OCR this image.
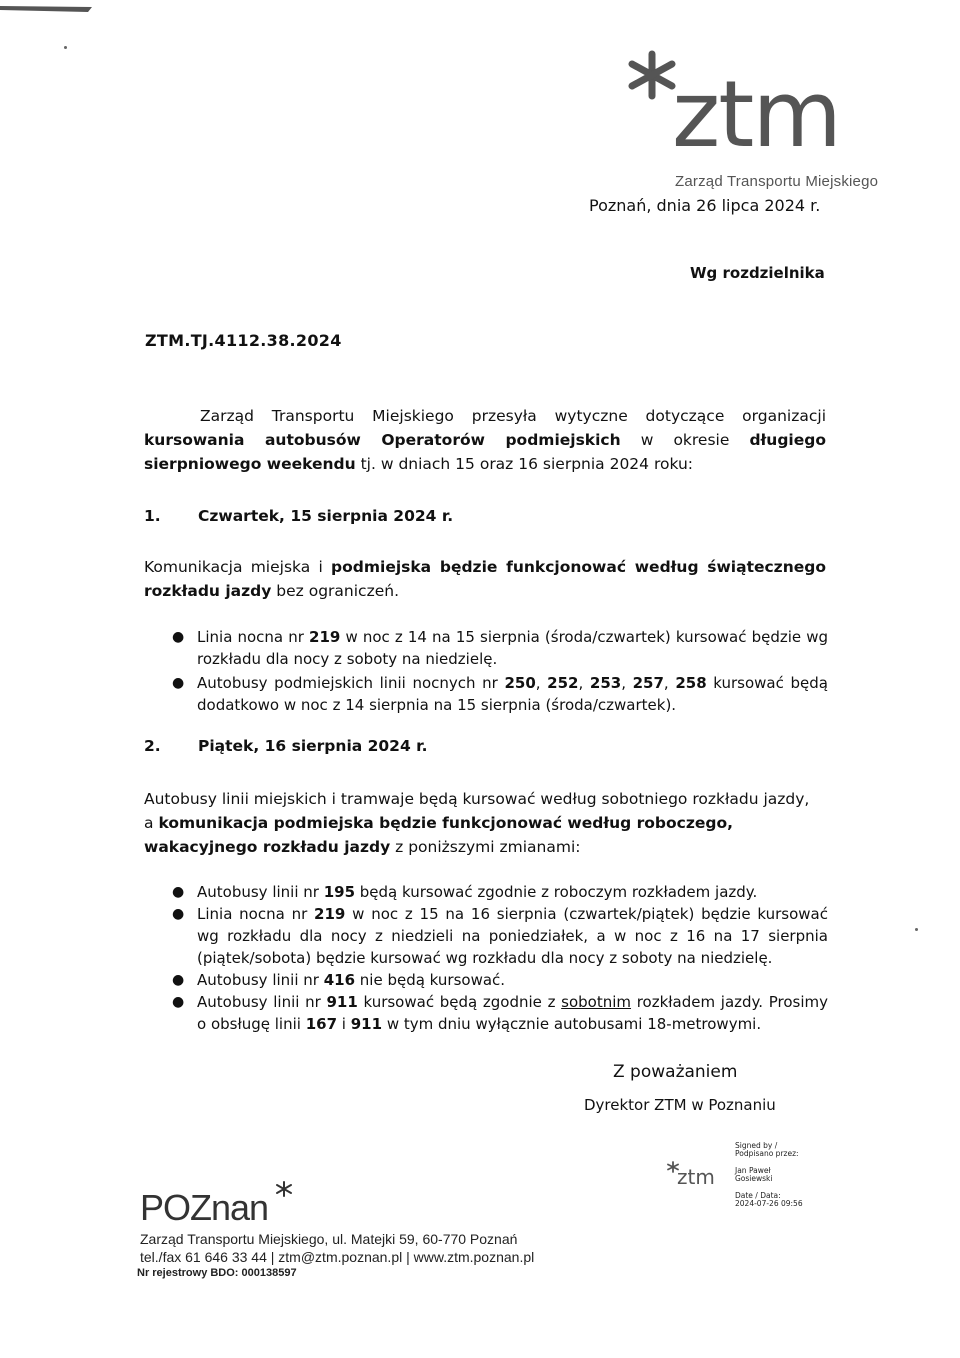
ztm
Zarząd Transportu Miejskiego
Poznań, dnia 26 lipca 2024 r.
Wg rozdzielnika
ZTM.TJ.4112.38.2024
Zarząd Transportu Miejskiego przesyła wytyczne dotyczące organizacji kursowania autobusów Operatorów podmiejskich w okresie długiego sierpniowego weekendu tj. w dniach 15 oraz 16 sierpnia 2024 roku:
1. Czwartek, 15 sierpnia 2024 r.
Komunikacja miejska i podmiejska będzie funkcjonować według świątecznego rozkładu jazdy bez ograniczeń.
● Linia nocna nr 219 w noc z 14 na 15 sierpnia (środa/czwartek) kursować będzie wg rozkładu dla nocy z soboty na niedzielę.
● Autobusy podmiejskich linii nocnych nr 250, 252, 253, 257, 258 kursować będą dodatkowo w noc z 14 sierpnia na 15 sierpnia (środa/czwartek).
2. Piątek, 16 sierpnia 2024 r.
Autobusy linii miejskich i tramwaje będą kursować według sobotniego rozkładu jazdy, a komunikacja podmiejska będzie funkcjonować według roboczego, wakacyjnego rozkładu jazdy z poniższymi zmianami:
● Autobusy linii nr 195 będą kursować zgodnie z roboczym rozkładem jazdy.
● Linia nocna nr 219 w noc z 15 na 16 sierpnia (czwartek/piątek) będzie kursować wg rozkładu dla nocy z niedzieli na poniedziałek, a w noc z 16 na 17 sierpnia (piątek/sobota) będzie kursować wg rozkładu dla nocy z soboty na niedzielę.
● Autobusy linii nr 416 nie będą kursować.
● Autobusy linii nr 911 kursować będą zgodnie z sobotnim rozkładem jazdy. Prosimy o obsługę linii 167 i 911 w tym dniu wyłącznie autobusami 18-metrowymi.
Z poważaniem
Dyrektor ZTM w Poznaniu
ztm
Signed by /
Podpisano przez:
Jan Paweł
Gosiewski
Date / Data:
2024-07-26 09:56
POZnan
Zarząd Transportu Miejskiego, ul. Matejki 59, 60-770 Poznań
tel./fax 61 646 33 44 | ztm@ztm.poznan.pl | www.ztm.poznan.pl
Nr rejestrowy BDO: 000138597
